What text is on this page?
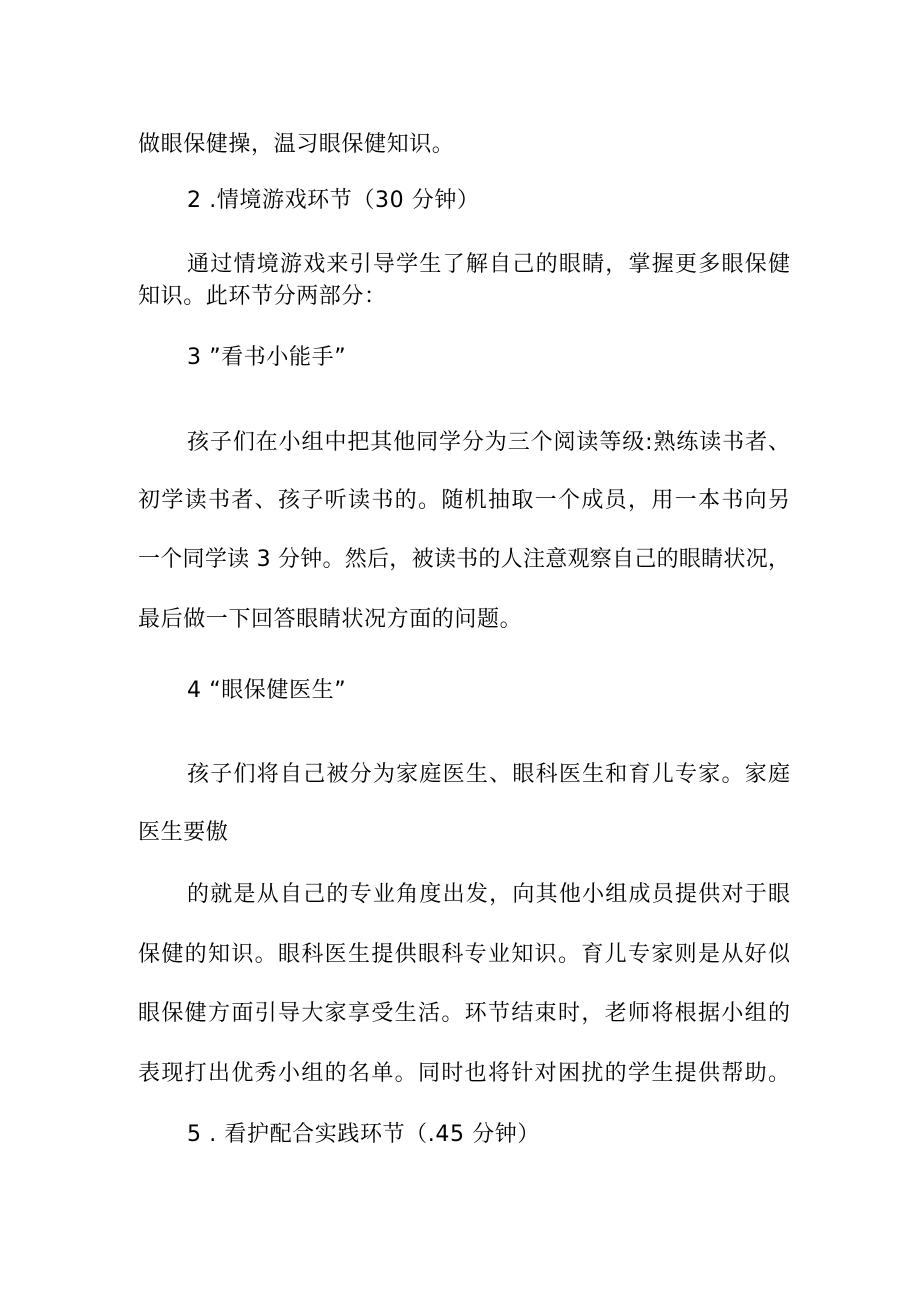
做眼保健操，温习眼保健知识。
2 .情境游戏环节（30 分钟）
通过情境游戏来引导学生了解自己的眼睛，掌握更多眼保健
知识。此环节分两部分：
3 ”看书小能手”
孩子们在小组中把其他同学分为三个阅读等级:熟练读书者、
初学读书者、孩子听读书的。随机抽取一个成员，用一本书向另
一个同学读 3 分钟。然后，被读书的人注意观察自己的眼睛状况，
最后做一下回答眼睛状况方面的问题。
4 “眼保健医生”
孩子们将自己被分为家庭医生、眼科医生和育儿专家。家庭
医生要傲
的就是从自己的专业角度出发，向其他小组成员提供对于眼
保健的知识。眼科医生提供眼科专业知识。育儿专家则是从好似
眼保健方面引导大家享受生活。环节结束时，老师将根据小组的
表现打出优秀小组的名单。同时也将针对困扰的学生提供帮助。
5 . 看护配合实践环节（.45 分钟）
